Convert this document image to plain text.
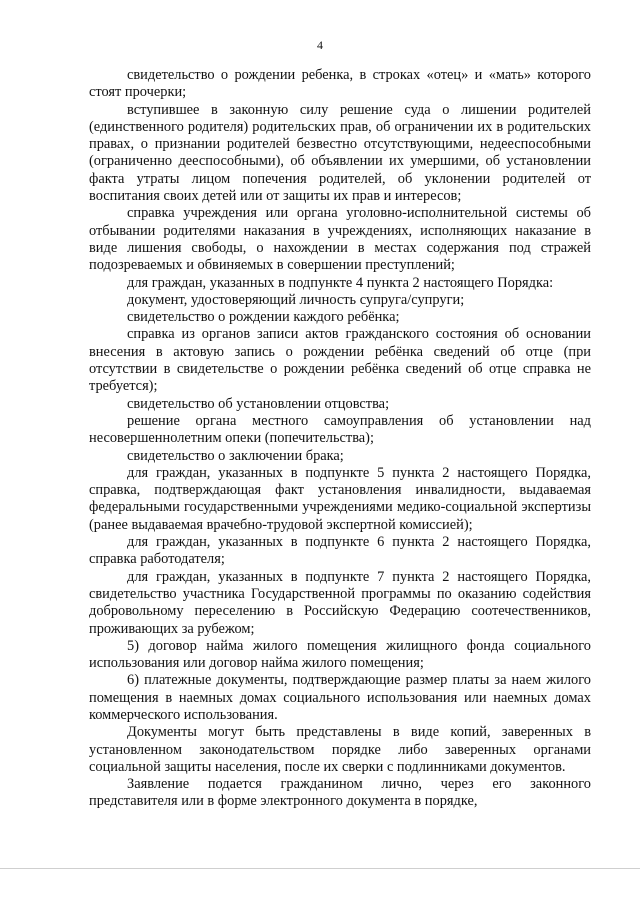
4

свидетельство о рождении ребенка, в строках «отец» и «мать» которого стоят прочерки;

вступившее в законную силу решение суда о лишении родителей (единственного родителя) родительских прав, об ограничении их в родительских правах, о признании родителей безвестно отсутствующими, недееспособными (ограниченно дееспособными), об объявлении их умершими, об установлении факта утраты лицом попечения родителей, об уклонении родителей от воспитания своих детей или от защиты их прав и интересов;

справка учреждения или органа уголовно-исполнительной системы об отбывании родителями наказания в учреждениях, исполняющих наказание в виде лишения свободы, о нахождении в местах содержания под стражей подозреваемых и обвиняемых в совершении преступлений;

для граждан, указанных в подпункте 4 пункта 2 настоящего Порядка:

документ, удостоверяющий личность супруга/супруги;

свидетельство о рождении каждого ребёнка;

справка из органов записи актов гражданского состояния об основании внесения в актовую запись о рождении ребёнка сведений об отце (при отсутствии в свидетельстве о рождении ребёнка сведений об отце справка не требуется);

свидетельство об установлении отцовства;

решение органа местного самоуправления об установлении над несовершеннолетним опеки (попечительства);

свидетельство о заключении брака;

для граждан, указанных в подпункте 5 пункта 2 настоящего Порядка, справка, подтверждающая факт установления инвалидности, выдаваемая федеральными государственными учреждениями медико-социальной экспертизы (ранее выдаваемая врачебно-трудовой экспертной комиссией);

для граждан, указанных в подпункте 6 пункта 2 настоящего Порядка, справка работодателя;

для граждан, указанных в подпункте 7 пункта 2 настоящего Порядка, свидетельство участника Государственной программы по оказанию содействия добровольному переселению в Российскую Федерацию соотечественников, проживающих за рубежом;

5) договор найма жилого помещения жилищного фонда социального использования или договор найма жилого помещения;

6) платежные документы, подтверждающие размер платы за наем жилого помещения в наемных домах социального использования или наемных домах коммерческого использования.

Документы могут быть представлены в виде копий, заверенных в установленном законодательством порядке либо заверенных органами социальной защиты населения, после их сверки с подлинниками документов.

Заявление подается гражданином лично, через его законного представителя или в форме электронного документа в порядке,
